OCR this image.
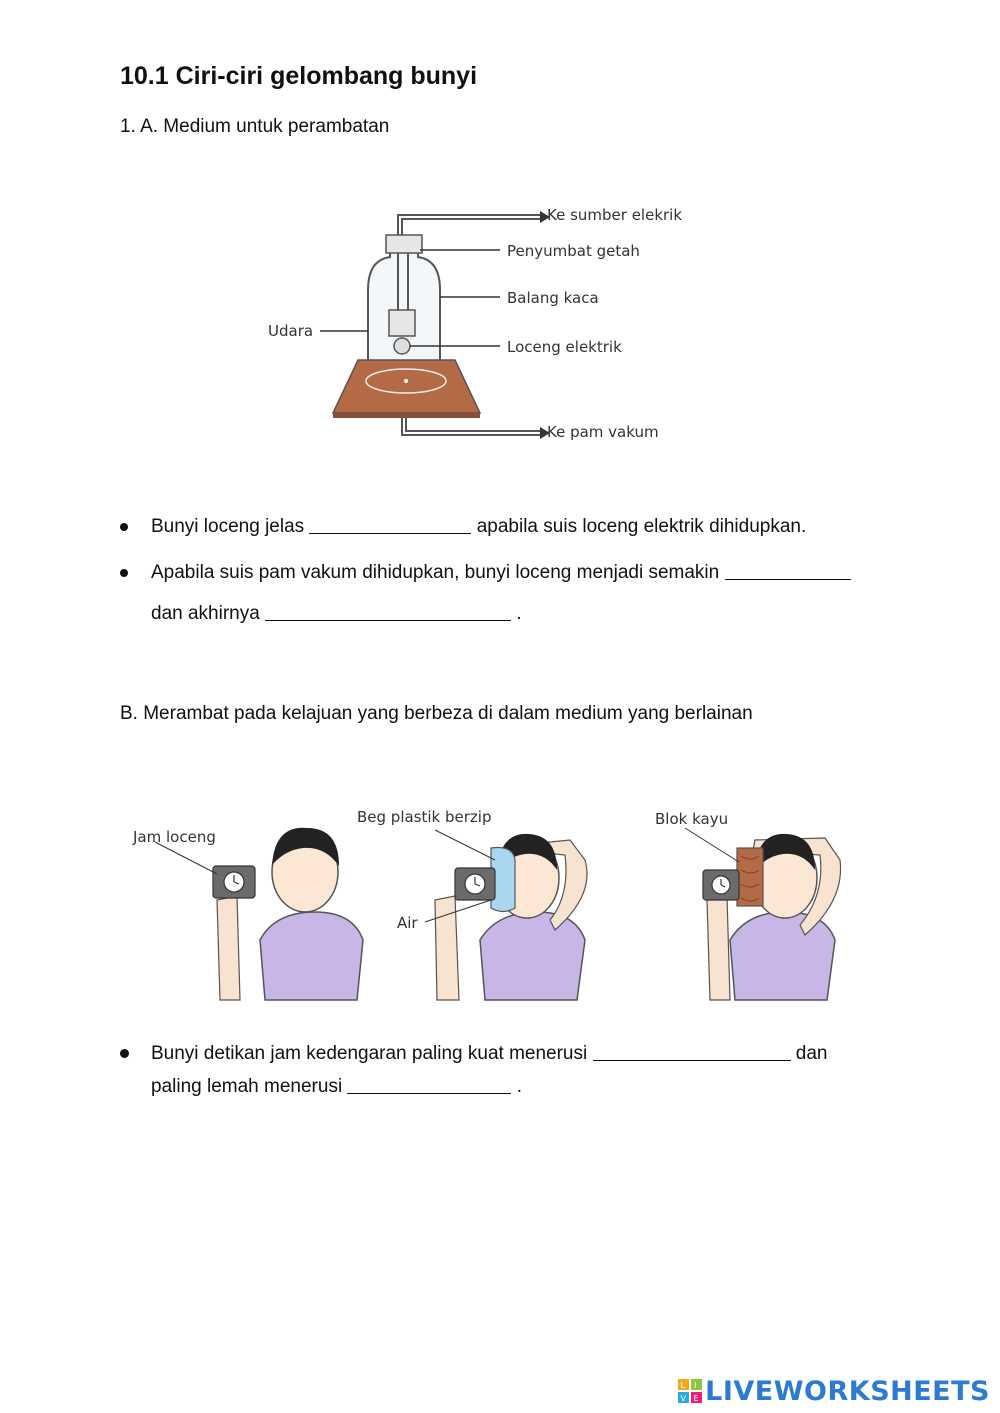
10.1 Ciri-ciri gelombang bunyi
1. A. Medium untuk perambatan
Ke sumber elekrik
Penyumbat getah
Balang kaca
Udara
Loceng elektrik
Ke pam vakum
Bunyi loceng jelas	apabila suis loceng elektrik dihidupkan.
Apabila suis pam vakum dihidupkan, bunyi loceng menjadi semakin
dan akhirnya	.
B. Merambat pada kelajuan yang berbeza di dalam medium yang berlainan
Jam loceng
Beg plastik berzip
Air
Blok kayu
Bunyi detikan jam kedengaran paling kuat menerusi	dan
paling lemah menerusi	.
L I
V E LIVEWORKSHEETS
